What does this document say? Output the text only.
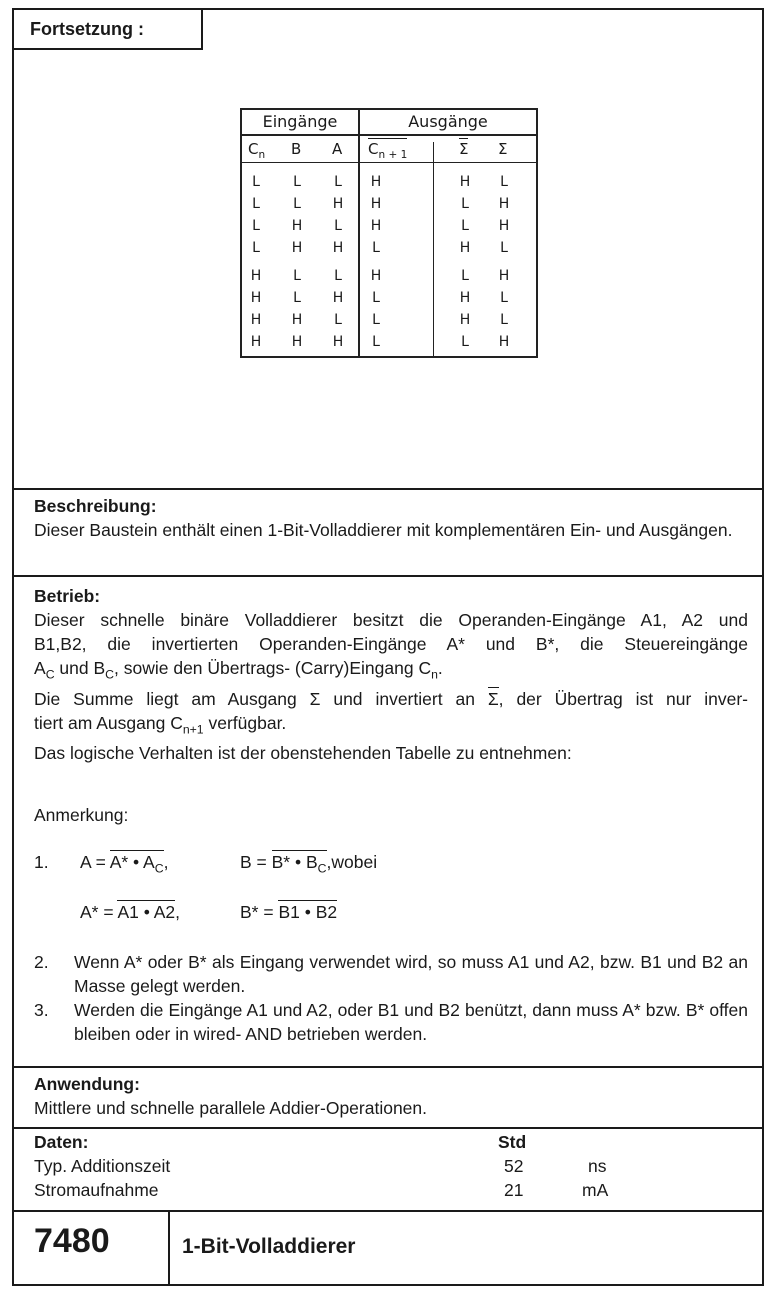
Fortsetzung :
Eingänge	Ausgänge
$C_n$ B A $C_{n + 1}$	Σ Σ
L	L	L	H	H	L
L	L	H	H	L	H
L	H	L	H	L	H
L	H	H	L	H	L
H	L	L	H	L	H
H	L	H	L	H	L
H	H	L	L	H	L
H	H	H	L	L	H
Beschreibung:
Dieser Baustein enthält einen 1-Bit-Volladdierer mit komplementären Ein- und Ausgängen.
Betrieb:
Dieser schnelle binäre Volladdierer besitzt die Operanden-Eingänge A1, A2 und
B1,B2, die invertierten Operanden-Eingänge A* und B*, die Steuereingänge
$A_C$ und $B_C$, sowie den Übertrags- (Carry)Eingang $C_n$.
Die Summe liegt am Ausgang Σ und invertiert an Σ, der Übertrag ist nur inver-
tiert am Ausgang $C_{n+1}$ verfügbar.
Das logische Verhalten ist der obenstehenden Tabelle zu entnehmen:
Anmerkung:
1. A = A* • $A_C$,	B = B* • $B_C,wobei$
A* = A1 • A2,	B* = B1 • B2
2. Wenn A* oder B* als Eingang verwendet wird, so muss A1 und A2, bzw. B1 und B2 an Masse gelegt werden.
3. Werden die Eingänge A1 und A2, oder B1 und B2 benützt, dann muss A* bzw. B* offen bleiben oder in wired- AND betrieben werden.
Anwendung:
Mittlere und schnelle parallele Addier-Operationen.
Daten:	Std
Typ. Additionszeit	52	ns
Stromaufnahme	21	mA
7480	1-Bit-Volladdierer
